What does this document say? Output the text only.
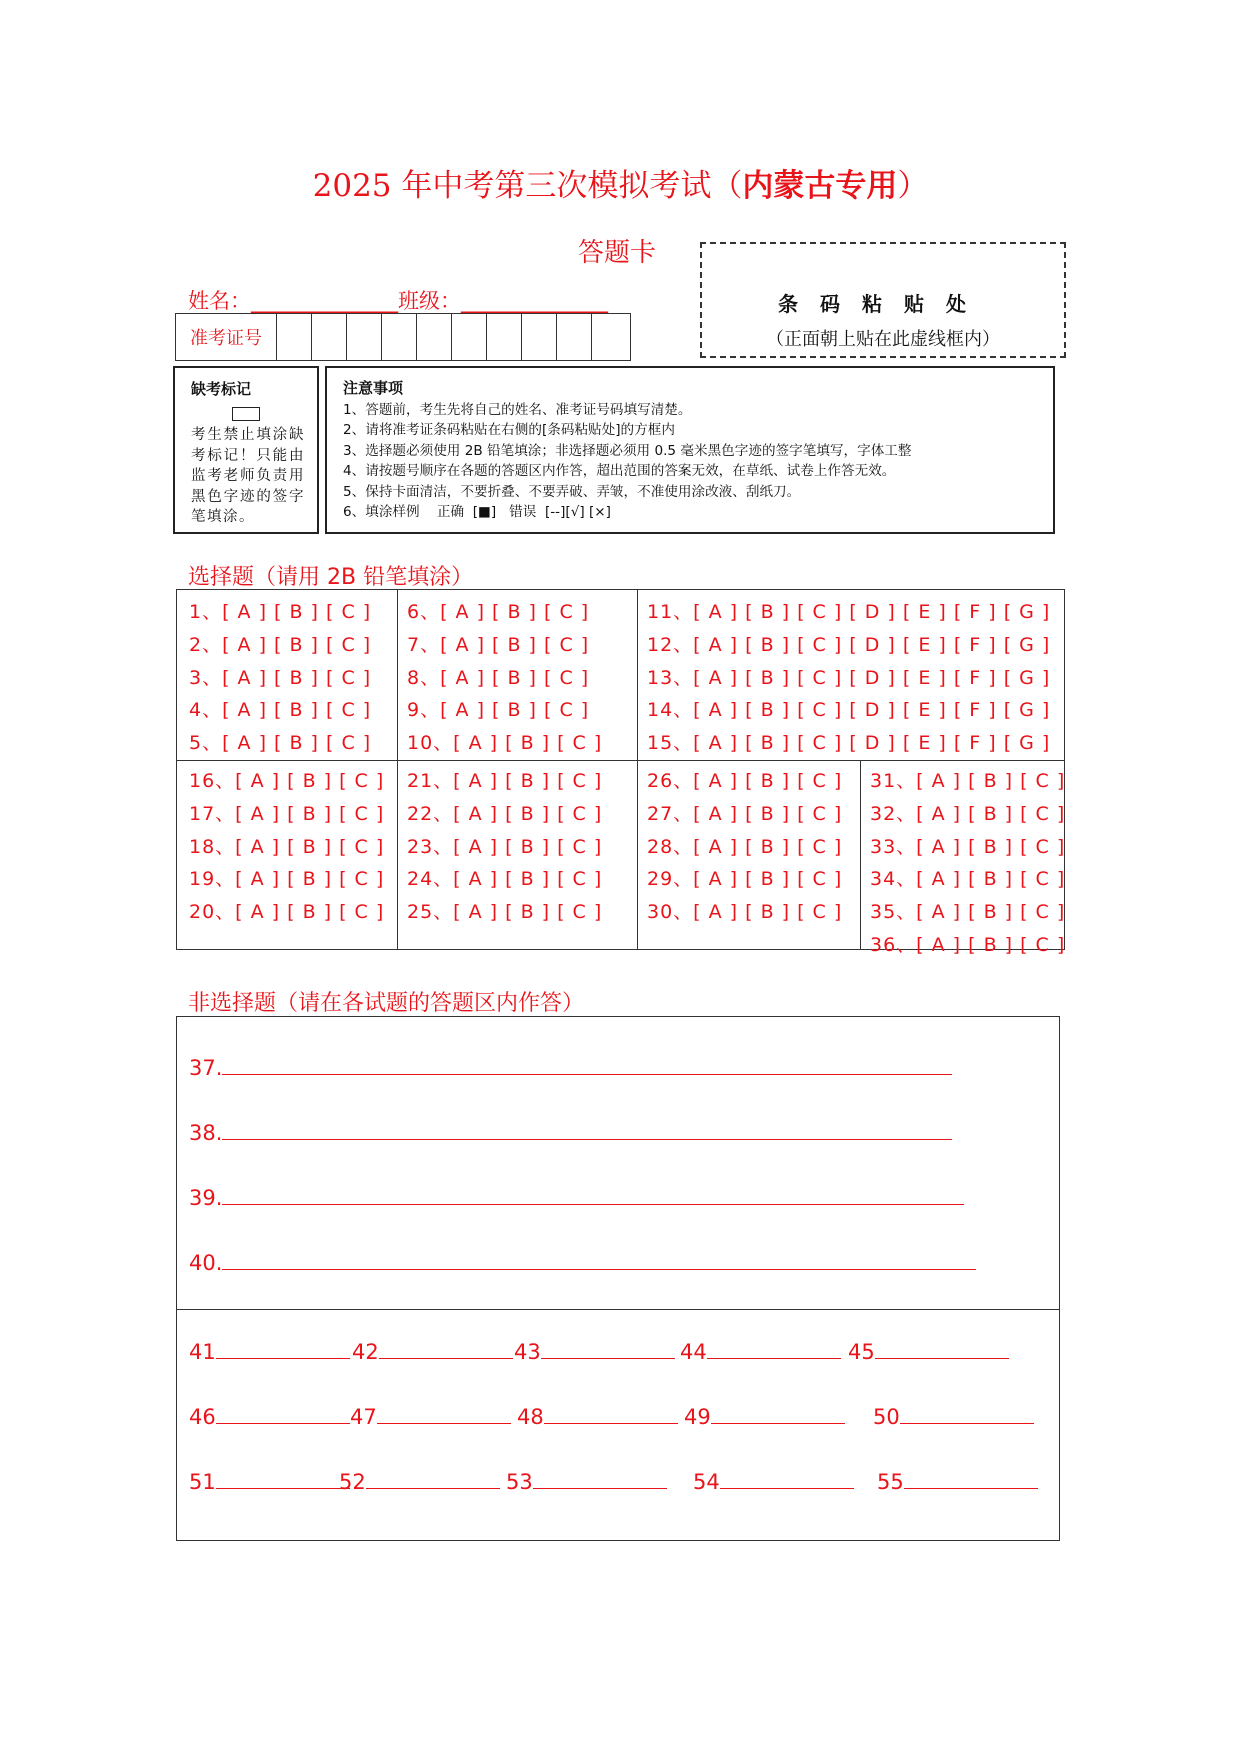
2025 年中考第三次模拟考试（内蒙古专用）
答题卡
姓名：______________班级：______________
准考证号
条码粘贴处
（正面朝上贴在此虚线框内）
缺考标记
考生禁止填涂缺考标记！只能由监考老师负责用黑色字迹的签字笔填涂。
注意事项
1、答题前，考生先将自己的姓名、准考证号码填写清楚。
2、请将准考证条码粘贴在右侧的[条码粘贴处]的方框内
3、选择题必须使用 2B 铅笔填涂；非选择题必须用 0.5 毫米黑色字迹的签字笔填写，字体工整
4、请按题号顺序在各题的答题区内作答，超出范围的答案无效，在草纸、试卷上作答无效。
5、保持卡面清洁，不要折叠、不要弄破、弄皱，不准使用涂改液、刮纸刀。
6、填涂样例    正确  [■]   错误  [--][√] [×]
选择题（请用 2B 铅笔填涂）
1、[ A ] [ B ] [ C ]
2、[ A ] [ B ] [ C ]
3、[ A ] [ B ] [ C ]
4、[ A ] [ B ] [ C ]
5、[ A ] [ B ] [ C ]
6、[ A ] [ B ] [ C ]
7、[ A ] [ B ] [ C ]
8、[ A ] [ B ] [ C ]
9、[ A ] [ B ] [ C ]
10、[ A ] [ B ] [ C ]
11、[ A ] [ B ] [ C ] [ D ] [ E ] [ F ] [ G ]
12、[ A ] [ B ] [ C ] [ D ] [ E ] [ F ] [ G ]
13、[ A ] [ B ] [ C ] [ D ] [ E ] [ F ] [ G ]
14、[ A ] [ B ] [ C ] [ D ] [ E ] [ F ] [ G ]
15、[ A ] [ B ] [ C ] [ D ] [ E ] [ F ] [ G ]
16、[ A ] [ B ] [ C ]
17、[ A ] [ B ] [ C ]
18、[ A ] [ B ] [ C ]
19、[ A ] [ B ] [ C ]
20、[ A ] [ B ] [ C ]
21、[ A ] [ B ] [ C ]
22、[ A ] [ B ] [ C ]
23、[ A ] [ B ] [ C ]
24、[ A ] [ B ] [ C ]
25、[ A ] [ B ] [ C ]
26、[ A ] [ B ] [ C ]
27、[ A ] [ B ] [ C ]
28、[ A ] [ B ] [ C ]
29、[ A ] [ B ] [ C ]
30、[ A ] [ B ] [ C ]
31、[ A ] [ B ] [ C ]
32、[ A ] [ B ] [ C ]
33、[ A ] [ B ] [ C ]
34、[ A ] [ B ] [ C ]
35、[ A ] [ B ] [ C ]
36、[ A ] [ B ] [ C ]
非选择题（请在各试题的答题区内作答）
37.
38.
39.
40.
41	42	43	44	45
46	47	48	49	50
51	52	53	54	55
